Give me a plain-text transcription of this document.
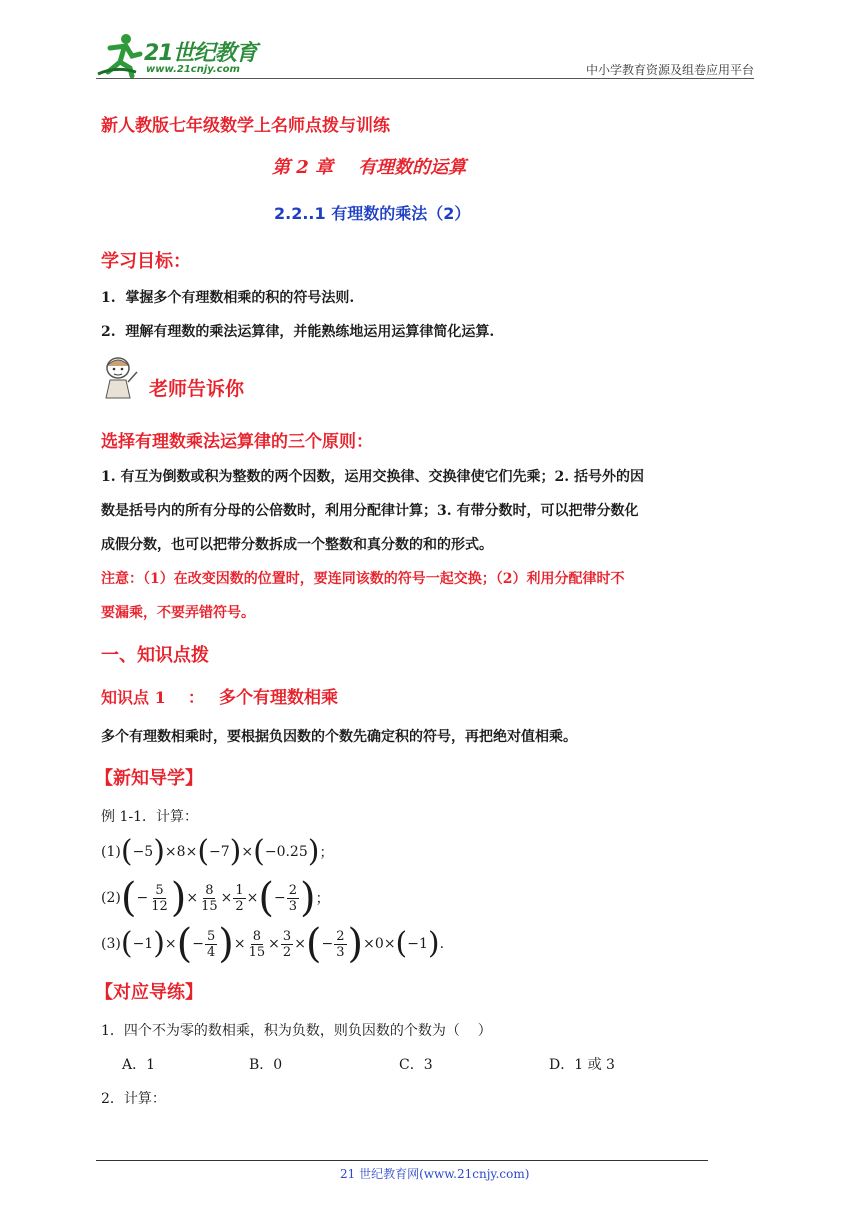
21世纪教育
www.21cnjy.com	中小学教育资源及组卷应用平台
新人教版七年级数学上名师点拨与训练
第 2 章    有理数的运算
2.2..1 有理数的乘法（2）
学习目标：
1.  掌握多个有理数相乘的积的符号法则.
2.  理解有理数的乘法运算律，并能熟练地运用运算律简化运算.
老师告诉你
选择有理数乘法运算律的三个原则：
1. 有互为倒数或积为整数的两个因数，运用交换律、交换律使它们先乘；2. 括号外的因
数是括号内的所有分母的公倍数时，利用分配律计算；3. 有带分数时，可以把带分数化
成假分数，也可以把带分数拆成一个整数和真分数的和的形式。
注意：（1）在改变因数的位置时，要连同该数的符号一起交换；（2）利用分配律时不
要漏乘，不要弄错符号。
一、知识点拨
知识点 1    ： 多个有理数相乘
多个有理数相乘时，要根据负因数的个数先确定积的符号，再把绝对值相乘。
【新知导学】
例 1-1．计算：
(1) ( −5 ) × 8 × ( −7 ) × ( −0.25 ) ；
(2) ( − $\frac{5}{12}$ ) × $\frac{8}{15} \times \frac{1}{2}$ × ( − $\frac{2}{3}$ ) ；
(3) ( −1 ) × ( − $\frac{5}{4}$ ) × $\frac{8}{15} \times \frac{3}{2}$ × ( − $\frac{2}{3}$ ) × 0 × ( −1 ) .
【对应导练】
1．四个不为零的数相乘，积为负数，则负因数的个数为（    ）
A．1	B．0	C．3	D．1 或 3
2．计算：
21 世纪教育网(www.21cnjy.com)
